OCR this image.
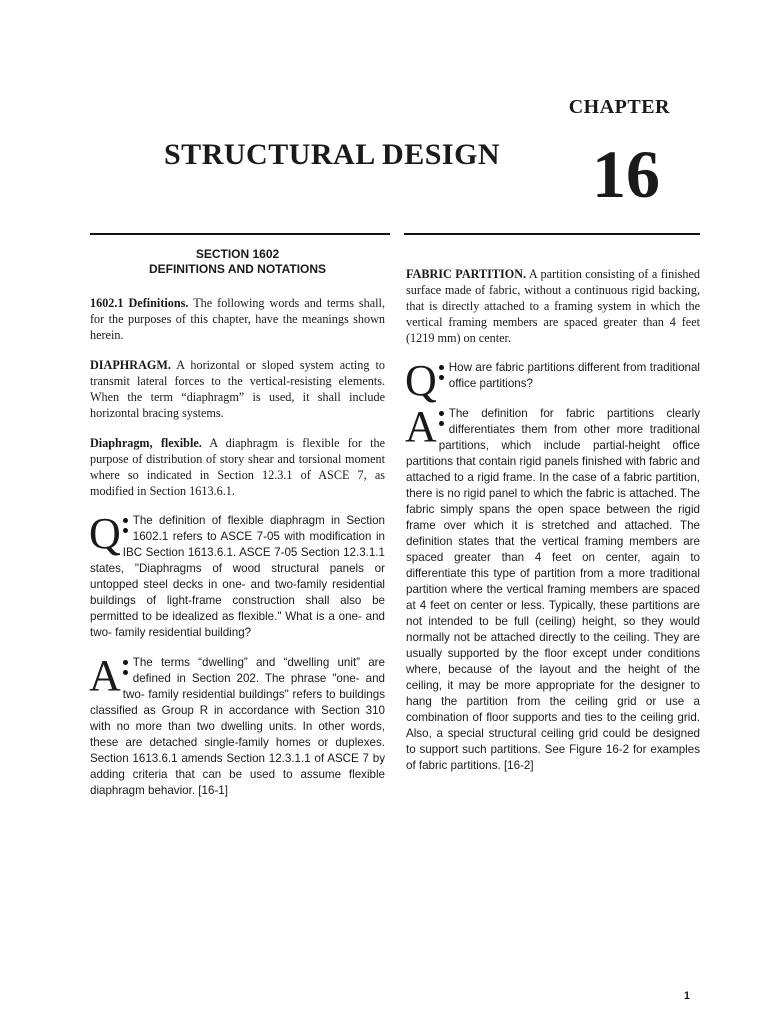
CHAPTER
STRUCTURAL DESIGN 16
SECTION 1602
DEFINITIONS AND NOTATIONS

1602.1 Definitions. The following words and terms shall, for the purposes of this chapter, have the meanings shown herein.

DIAPHRAGM. A horizontal or sloped system acting to transmit lateral forces to the vertical-resisting elements. When the term “diaphragm” is used, it shall include horizontal bracing systems.

Diaphragm, flexible. A diaphragm is flexible for the purpose of distribution of story shear and torsional moment where so indicated in Section 12.3.1 of ASCE 7, as modified in Section 1613.6.1.

Q	The definition of flexible diaphragm in Section 1602.1 refers to ASCE 7-05 with modification in IBC Section 1613.6.1. ASCE 7-05 Section 12.3.1.1 states, "Diaphragms of wood structural panels or untopped steel decks in one- and two-family residential buildings of light-frame construction shall also be permitted to be idealized as flexible." What is a one- and two- family residential building?

A	The terms “dwelling” and “dwelling unit” are defined in Section 202. The phrase "one- and two- family residential buildings" refers to buildings classified as Group R in accordance with Section 310 with no more than two dwelling units. In other words, these are detached single-family homes or duplexes. Section 1613.6.1 amends Section 12.3.1.1 of ASCE 7 by adding criteria that can be used to assume flexible diaphragm behavior. [16-1]

FABRIC PARTITION. A partition consisting of a finished surface made of fabric, without a continuous rigid backing, that is directly attached to a framing system in which the vertical framing members are spaced greater than 4 feet (1219 mm) on center.

Q	How are fabric partitions different from traditional office partitions?

A	The definition for fabric partitions clearly differentiates them from other more traditional partitions, which include partial-height office partitions that contain rigid panels finished with fabric and attached to a rigid frame. In the case of a fabric partition, there is no rigid panel to which the fabric is attached. The fabric simply spans the open space between the rigid frame over which it is stretched and attached. The definition states that the vertical framing members are spaced greater than 4 feet on center, again to differentiate this type of partition from a more traditional partition where the vertical framing members are spaced at 4 feet on center or less. Typically, these partitions are not intended to be full (ceiling) height, so they would normally not be attached directly to the ceiling. They are usually supported by the floor except under conditions where, because of the layout and the height of the ceiling, it may be more appropriate for the designer to hang the partition from the ceiling grid or use a combination of floor supports and ties to the ceiling grid. Also, a special structural ceiling grid could be designed to support such partitions. See Figure 16-2 for examples of fabric partitions. [16-2]

1
